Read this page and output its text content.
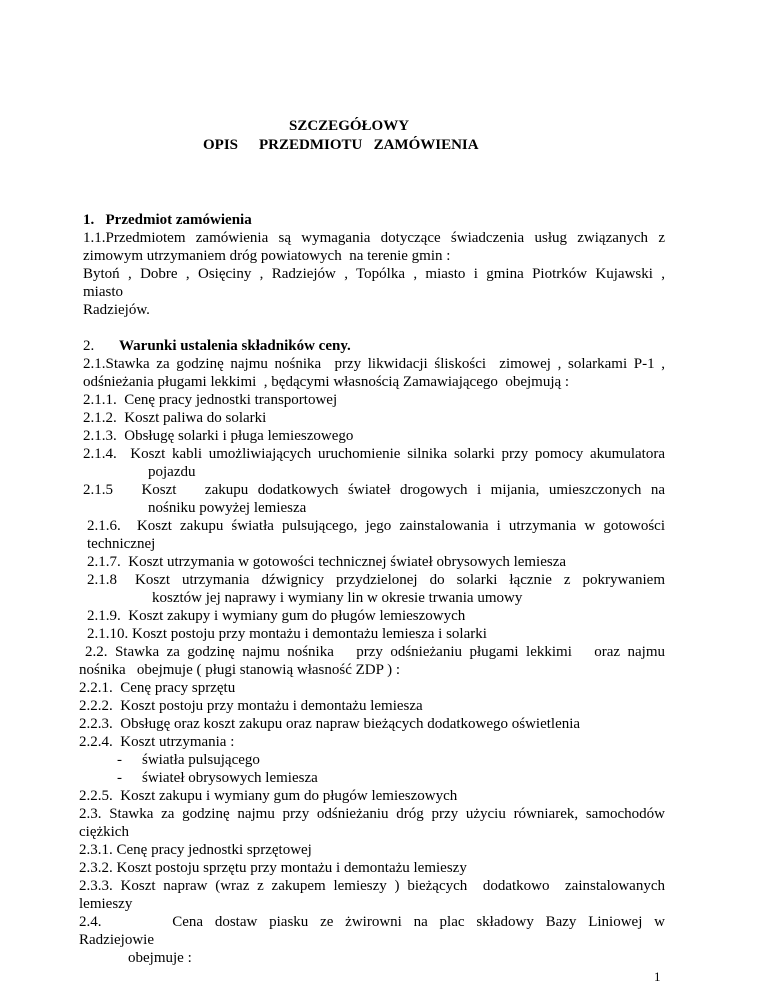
SZCZEGÓŁOWY
OPIS PRZEDMIOTU   ZAMÓWIENIA
1.   Przedmiot zamówienia
1.1.Przedmiotem zamówienia są wymagania dotyczące świadczenia usług związanych z
zimowym utrzymaniem dróg powiatowych  na terenie gmin :
Bytoń , Dobre , Osięciny , Radziejów , Topólka , miasto i gmina Piotrków Kujawski ,
miasto
Radziejów.
2. Warunki ustalenia składników ceny.
2.1.Stawka za godzinę najmu nośnika  przy likwidacji śliskości  zimowej , solarkami P-1 ,
odśnieżania pługami lekkimi  , będącymi własnością Zamawiającego  obejmują :
2.1.1.  Cenę pracy jednostki transportowej
2.1.2.  Koszt paliwa do solarki
2.1.3.  Obsługę solarki i pługa lemieszowego
2.1.4.  Koszt kabli umożliwiających uruchomienie silnika solarki przy pomocy akumulatora
pojazdu
2.1.5   Koszt   zakupu dodatkowych świateł drogowych i mijania, umieszczonych na
nośniku powyżej lemiesza
2.1.6.  Koszt zakupu światła pulsującego, jego zainstalowania i utrzymania w gotowości
technicznej
2.1.7.  Koszt utrzymania w gotowości technicznej świateł obrysowych lemiesza
2.1.8   Koszt  utrzymania  dźwignicy  przydzielonej  do  solarki  łącznie  z  pokrywaniem
kosztów jej naprawy i wymiany lin w okresie trwania umowy
2.1.9.  Koszt zakupy i wymiany gum do pługów lemieszowych
2.1.10. Koszt postoju przy montażu i demontażu lemiesza i solarki
2.2. Stawka za godzinę najmu nośnika   przy odśnieżaniu pługami lekkimi   oraz najmu
nośnika   obejmuje ( pługi stanowią własność ZDP ) :
2.2.1.  Cenę pracy sprzętu
2.2.2.  Koszt postoju przy montażu i demontażu lemiesza
2.2.3.  Obsługę oraz koszt zakupu oraz napraw bieżących dodatkowego oświetlenia
2.2.4.  Koszt utrzymania :
- światła pulsującego
- świateł obrysowych lemiesza
2.2.5.  Koszt zakupu i wymiany gum do pługów lemieszowych
2.3. Stawka za godzinę najmu przy odśnieżaniu dróg przy użyciu równiarek, samochodów
ciężkich
2.3.1. Cenę pracy jednostki sprzętowej
2.3.2. Koszt postoju sprzętu przy montażu i demontażu lemieszy
2.3.3. Koszt napraw (wraz z zakupem lemieszy ) bieżących  dodatkowo  zainstalowanych
lemieszy
2.4.      Cena dostaw piasku ze żwirowni na plac składowy Bazy Liniowej w
Radziejowie
obejmuje :
1
